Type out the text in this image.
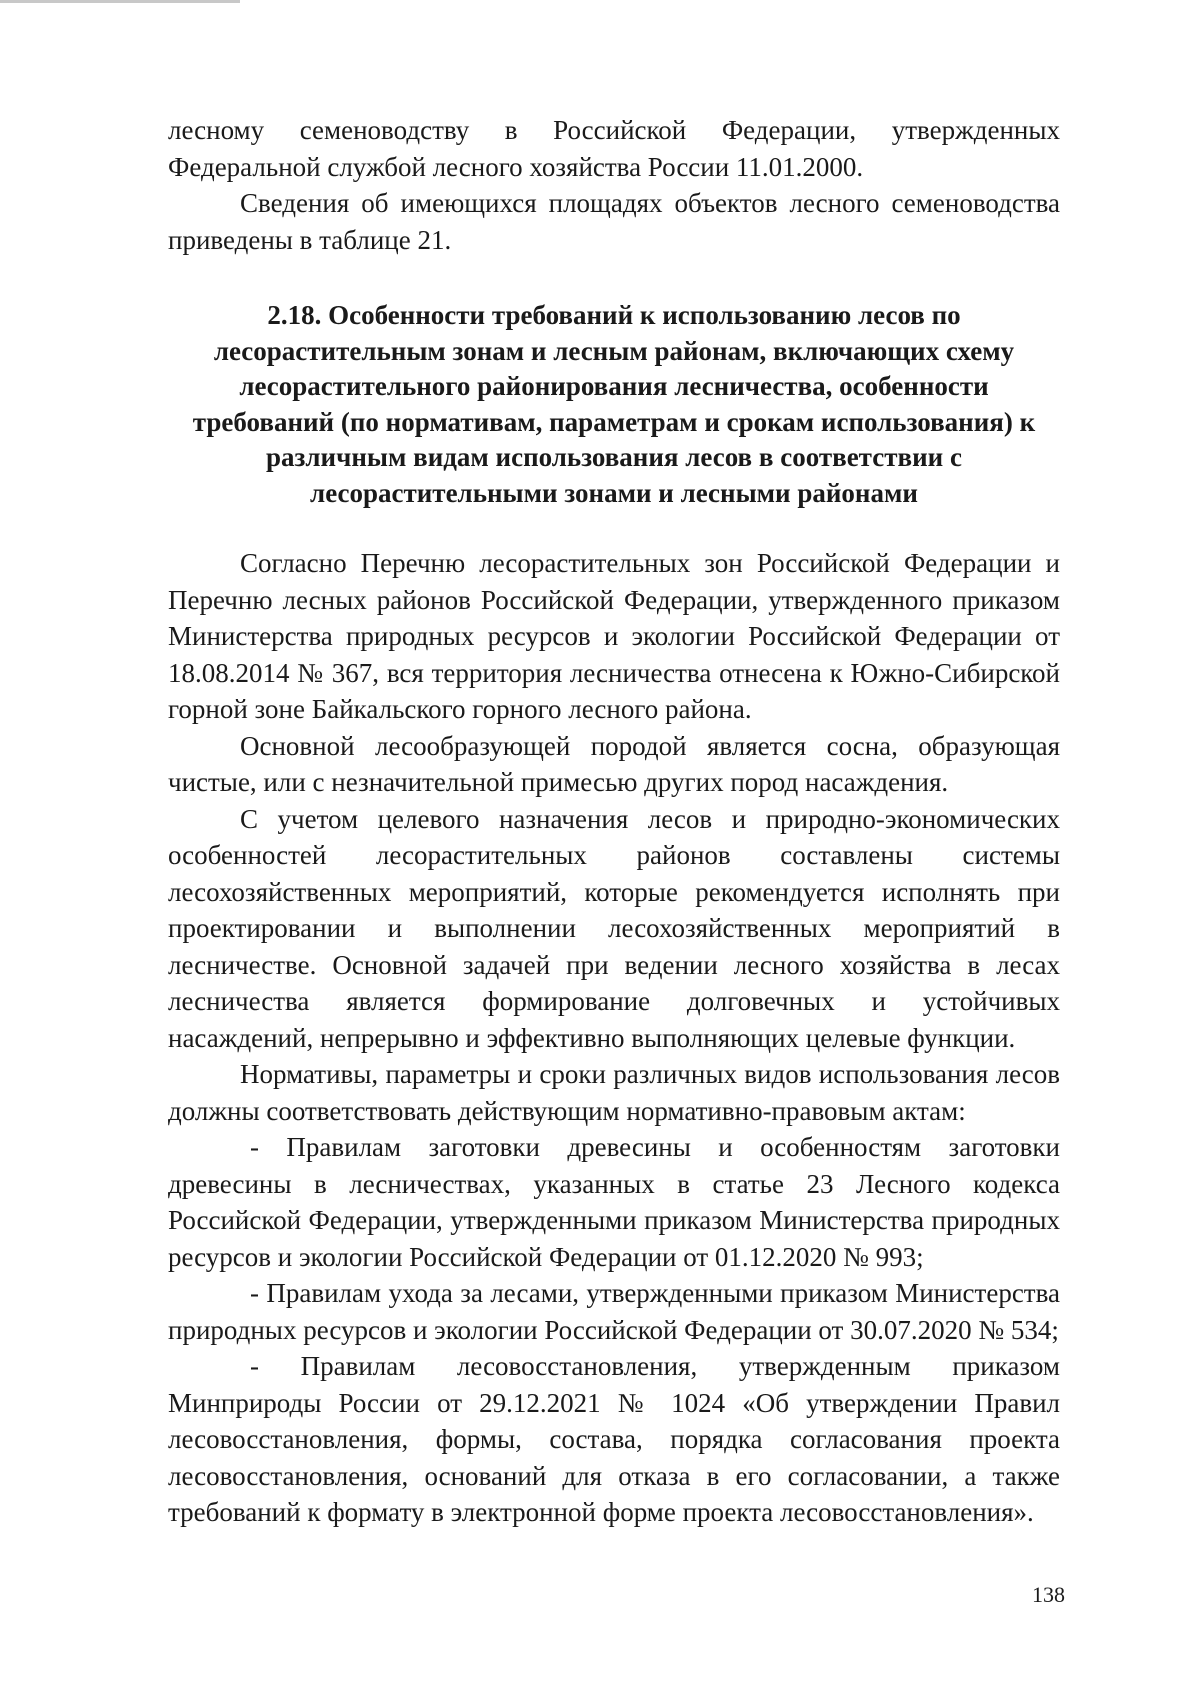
лесному семеноводству в Российской Федерации, утвержденных Федеральной службой лесного хозяйства России 11.01.2000.

Сведения об имеющихся площадях объектов лесного семеноводства приведены в таблице 21.

2.18. Особенности требований к использованию лесов по лесорастительным зонам и лесным районам, включающих схему лесорастительного районирования лесничества, особенности требований (по нормативам, параметрам и срокам использования) к различным видам использования лесов в соответствии с лесорастительными зонами и лесными районами

Согласно Перечню лесорастительных зон Российской Федерации и Перечню лесных районов Российской Федерации, утвержденного приказом Министерства природных ресурсов и экологии Российской Федерации от 18.08.2014 № 367, вся территория лесничества отнесена к Южно-Сибирской горной зоне Байкальского горного лесного района.

Основной лесообразующей породой является сосна, образующая чистые, или с незначительной примесью других пород насаждения.

С учетом целевого назначения лесов и природно-экономических особенностей лесорастительных районов составлены системы лесохозяйственных мероприятий, которые рекомендуется исполнять при проектировании и выполнении лесохозяйственных мероприятий в лесничестве. Основной задачей при ведении лесного хозяйства в лесах лесничества является формирование долговечных и устойчивых насаждений, непрерывно и эффективно выполняющих целевые функции.

Нормативы, параметры и сроки различных видов использования лесов должны соответствовать действующим нормативно-правовым актам:

- Правилам заготовки древесины и особенностям заготовки древесины в лесничествах, указанных в статье 23 Лесного кодекса Российской Федерации, утвержденными приказом Министерства природных ресурсов и экологии Российской Федерации от 01.12.2020 № 993;

- Правилам ухода за лесами, утвержденными приказом Министерства природных ресурсов и экологии Российской Федерации от 30.07.2020 № 534;

- Правилам лесовосстановления, утвержденным приказом Минприроды России от 29.12.2021 № 1024 «Об утверждении Правил лесовосстановления, формы, состава, порядка согласования проекта лесовосстановления, оснований для отказа в его согласовании, а также требований к формату в электронной форме проекта лесовосстановления».

138
